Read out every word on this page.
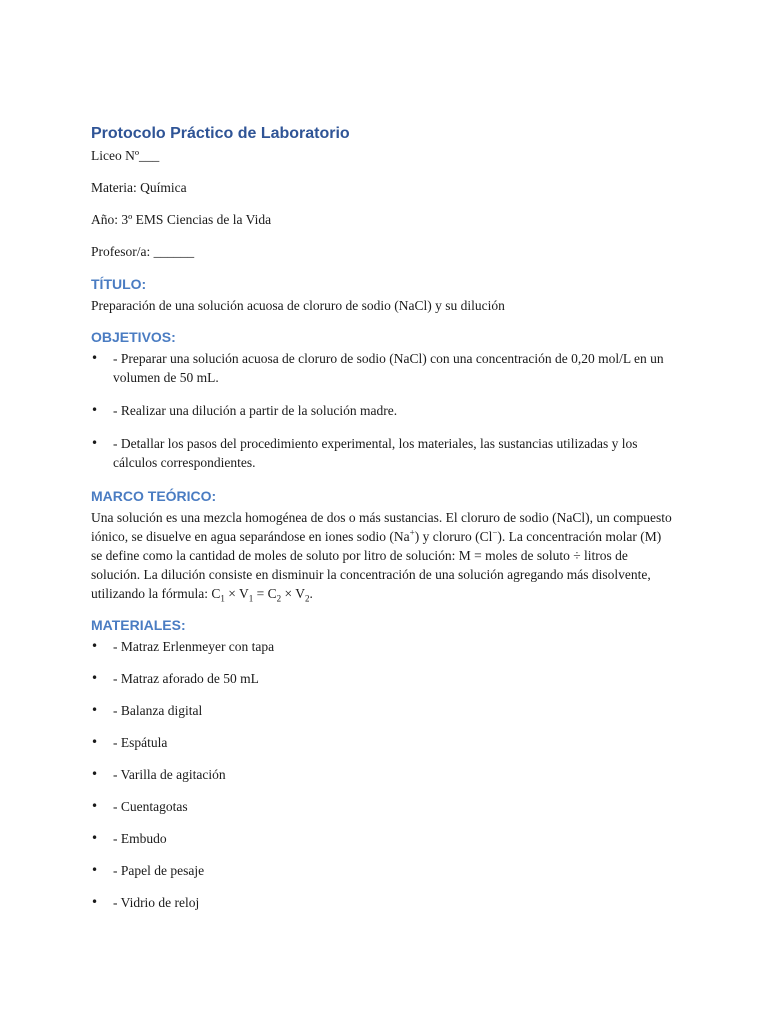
Protocolo Práctico de Laboratorio

Liceo Nº___

Materia: Química

Año: 3º EMS Ciencias de la Vida

Profesor/a: ______

TÍTULO:

Preparación de una solución acuosa de cloruro de sodio (NaCl) y su dilución

OBJETIVOS:
•	- Preparar una solución acuosa de cloruro de sodio (NaCl) con una concentración de 0,20 mol/L en un volumen de 50 mL.
•	- Realizar una dilución a partir de la solución madre.
•	- Detallar los pasos del procedimiento experimental, los materiales, las sustancias utilizadas y los cálculos correspondientes.
MARCO TEÓRICO:

Una solución es una mezcla homogénea de dos o más sustancias. El cloruro de sodio (NaCl), un compuesto iónico, se disuelve en agua separándose en iones sodio (Na+) y cloruro (Cl−). La concentración molar (M) se define como la cantidad de moles de soluto por litro de solución: M = moles de soluto ÷ litros de solución. La dilución consiste en disminuir la concentración de una solución agregando más disolvente, utilizando la fórmula: $C_1 \times V_1 = C_2 \times V_2$.

MATERIALES:
•	- Matraz Erlenmeyer con tapa
•	- Matraz aforado de 50 mL
•	- Balanza digital
•	- Espátula
•	- Varilla de agitación
•	- Cuentagotas
•	- Embudo
•	- Papel de pesaje
•	- Vidrio de reloj
